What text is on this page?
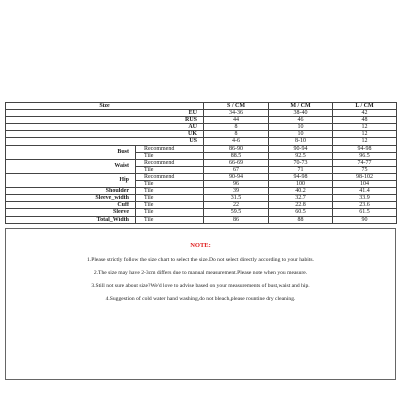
Size		S / CM	M / CM	L / CM
EU		34-36	38-40	42
RUS		44	46	48
AU		8	10	12
UK		8	10	12
US		4-6	8-10	12
Bust	Recommend	86-90	90-94	94-98
	Tile	88.5	92.5	96.5
Waist	Recommend	66-69	70-73	74-77
	Tile	67	71	75
Hip	Recommend	90-94	94-98	98-102
	Tile	96	100	104
Shoulder	Tile	39	40.2	41.4
Sleeve_width	Tile	31.5	32.7	33.9
Cuff	Tile	22	22.8	23.6
Sleeve	Tile	59.5	60.5	61.5
Total_Width	Tile	86	88	90
NOTE:
1.Please strictly follow the size chart to select the size.Do not select directly according to your habits.
2.The size may have 2-3cm differs due to manual measurement.Please note when you measure.
3.Still not sure about size?We'd love to advise based on your measurements of bust,waist and hip.
4.Suggestion of cold water hand washing,do not bleach,please rountine dry cleaning.
